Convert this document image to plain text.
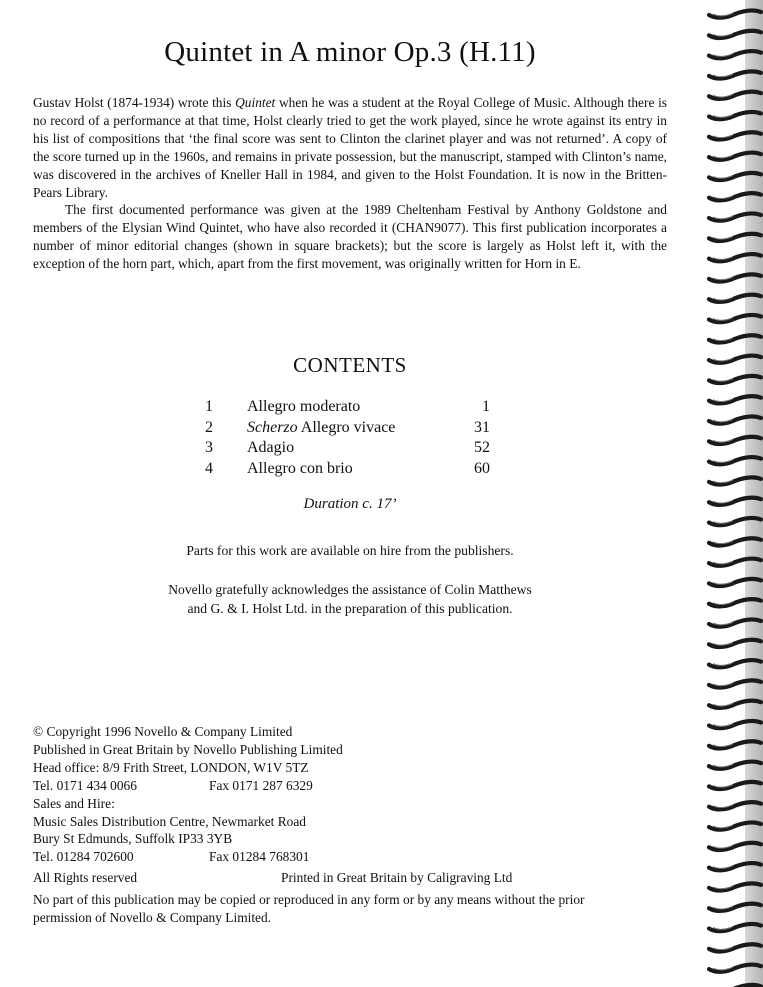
Quintet in A minor Op.3 (H.11)

Gustav Holst (1874-1934) wrote this Quintet when he was a student at the Royal College of Music. Although there is no record of a performance at that time, Holst clearly tried to get the work played, since he wrote against its entry in his list of compositions that ‘the final score was sent to Clinton the clarinet player and was not returned’. A copy of the score turned up in the 1960s, and remains in private possession, but the manuscript, stamped with Clinton’s name, was discovered in the archives of Kneller Hall in 1984, and given to the Holst Foundation. It is now in the Britten-Pears Library.

The first documented performance was given at the 1989 Cheltenham Festival by Anthony Goldstone and members of the Elysian Wind Quintet, who have also recorded it (CHAN9077). This first publication incorporates a number of minor editorial changes (shown in square brackets); but the score is largely as Holst left it, with the exception of the horn part, which, apart from the first movement, was originally written for Horn in E.

CONTENTS
1	Allegro moderato	1
2	Scherzo Allegro vivace	31
3	Adagio	52
4	Allegro con brio	60
Duration c. 17’
Parts for this work are available on hire from the publishers.
Novello gratefully acknowledges the assistance of Colin Matthews
and G. & I. Holst Ltd. in the preparation of this publication.
© Copyright 1996 Novello & Company Limited
Published in Great Britain by Novello Publishing Limited
Head office: 8/9 Frith Street, LONDON, W1V 5TZ
Tel. 0171 434 0066	Fax 0171 287 6329
Sales and Hire:
Music Sales Distribution Centre, Newmarket Road
Bury St Edmunds, Suffolk IP33 3YB
Tel. 01284 702600	Fax 01284 768301
All Rights reserved	Printed in Great Britain by Caligraving Ltd
No part of this publication may be copied or reproduced in any form or by any means without the prior permission of Novello & Company Limited.
